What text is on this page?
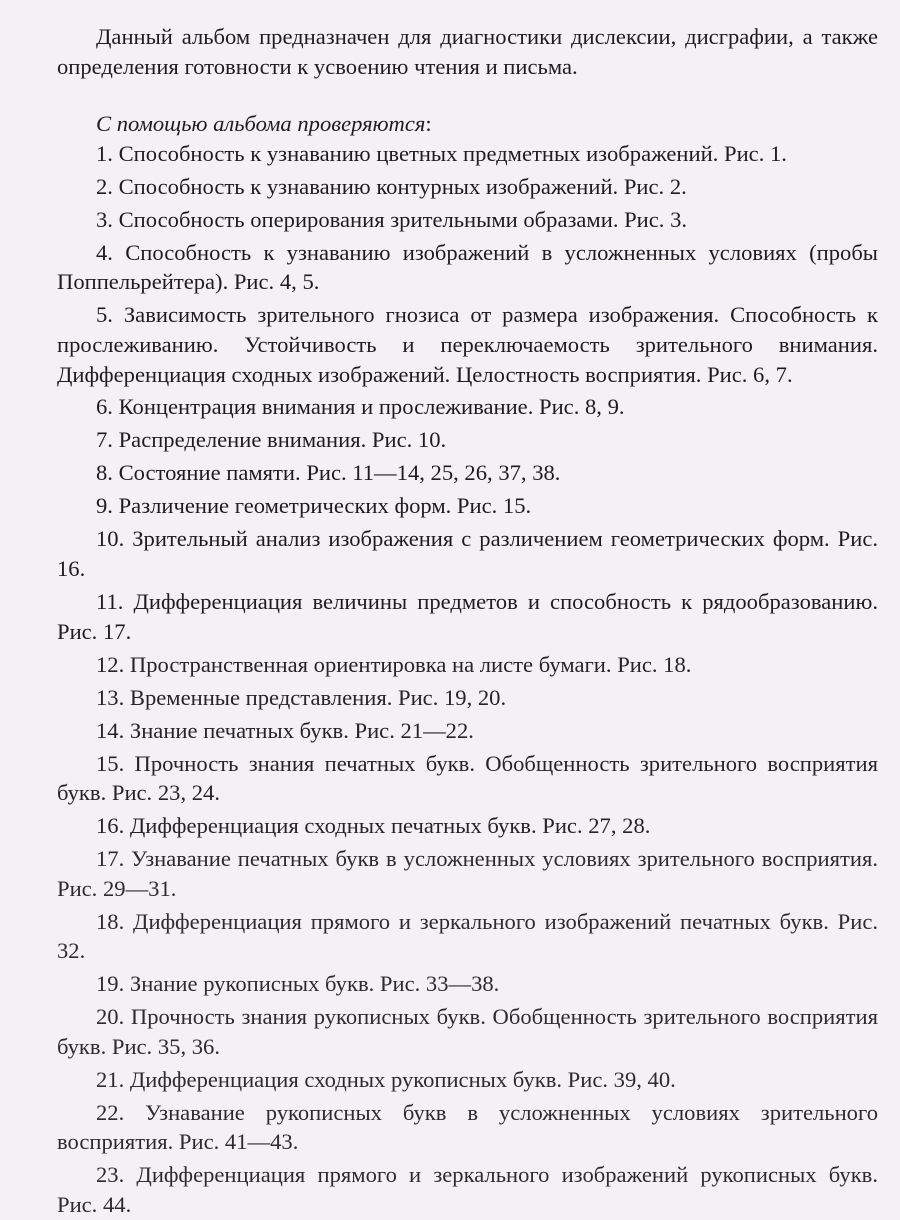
Данный альбом предназначен для диагностики дислексии, дисграфии, а также определения готовности к усвоению чтения и письма.

С помощью альбома проверяются:

1. Способность к узнаванию цветных предметных изображений. Рис. 1.

2. Способность к узнаванию контурных изображений. Рис. 2.

3. Способность оперирования зрительными образами. Рис. 3.

4. Способность к узнаванию изображений в усложненных условиях (пробы Поппельрейтера). Рис. 4, 5.

5. Зависимость зрительного гнозиса от размера изображения. Способность к прослеживанию. Устойчивость и переключаемость зрительного внимания. Дифференциация сходных изображений. Целостность восприятия. Рис. 6, 7.

6. Концентрация внимания и прослеживание. Рис. 8, 9.

7. Распределение внимания. Рис. 10.

8. Состояние памяти. Рис. 11—14, 25, 26, 37, 38.

9. Различение геометрических форм. Рис. 15.

10. Зрительный анализ изображения с различением геометрических форм. Рис. 16.

11. Дифференциация величины предметов и способность к рядообразованию. Рис. 17.

12. Пространственная ориентировка на листе бумаги. Рис. 18.

13. Временные представления. Рис. 19, 20.

14. Знание печатных букв. Рис. 21—22.

15. Прочность знания печатных букв. Обобщенность зрительного восприятия букв. Рис. 23, 24.

16. Дифференциация сходных печатных букв. Рис. 27, 28.

17. Узнавание печатных букв в усложненных условиях зрительного восприятия. Рис. 29—31.

18. Дифференциация прямого и зеркального изображений печатных букв. Рис. 32.

19. Знание рукописных букв. Рис. 33—38.

20. Прочность знания рукописных букв. Обобщенность зрительного восприятия букв. Рис. 35, 36.

21. Дифференциация сходных рукописных букв. Рис. 39, 40.

22. Узнавание рукописных букв в усложненных условиях зрительного восприятия. Рис. 41—43.

23. Дифференциация прямого и зеркального изображений рукописных букв. Рис. 44.
